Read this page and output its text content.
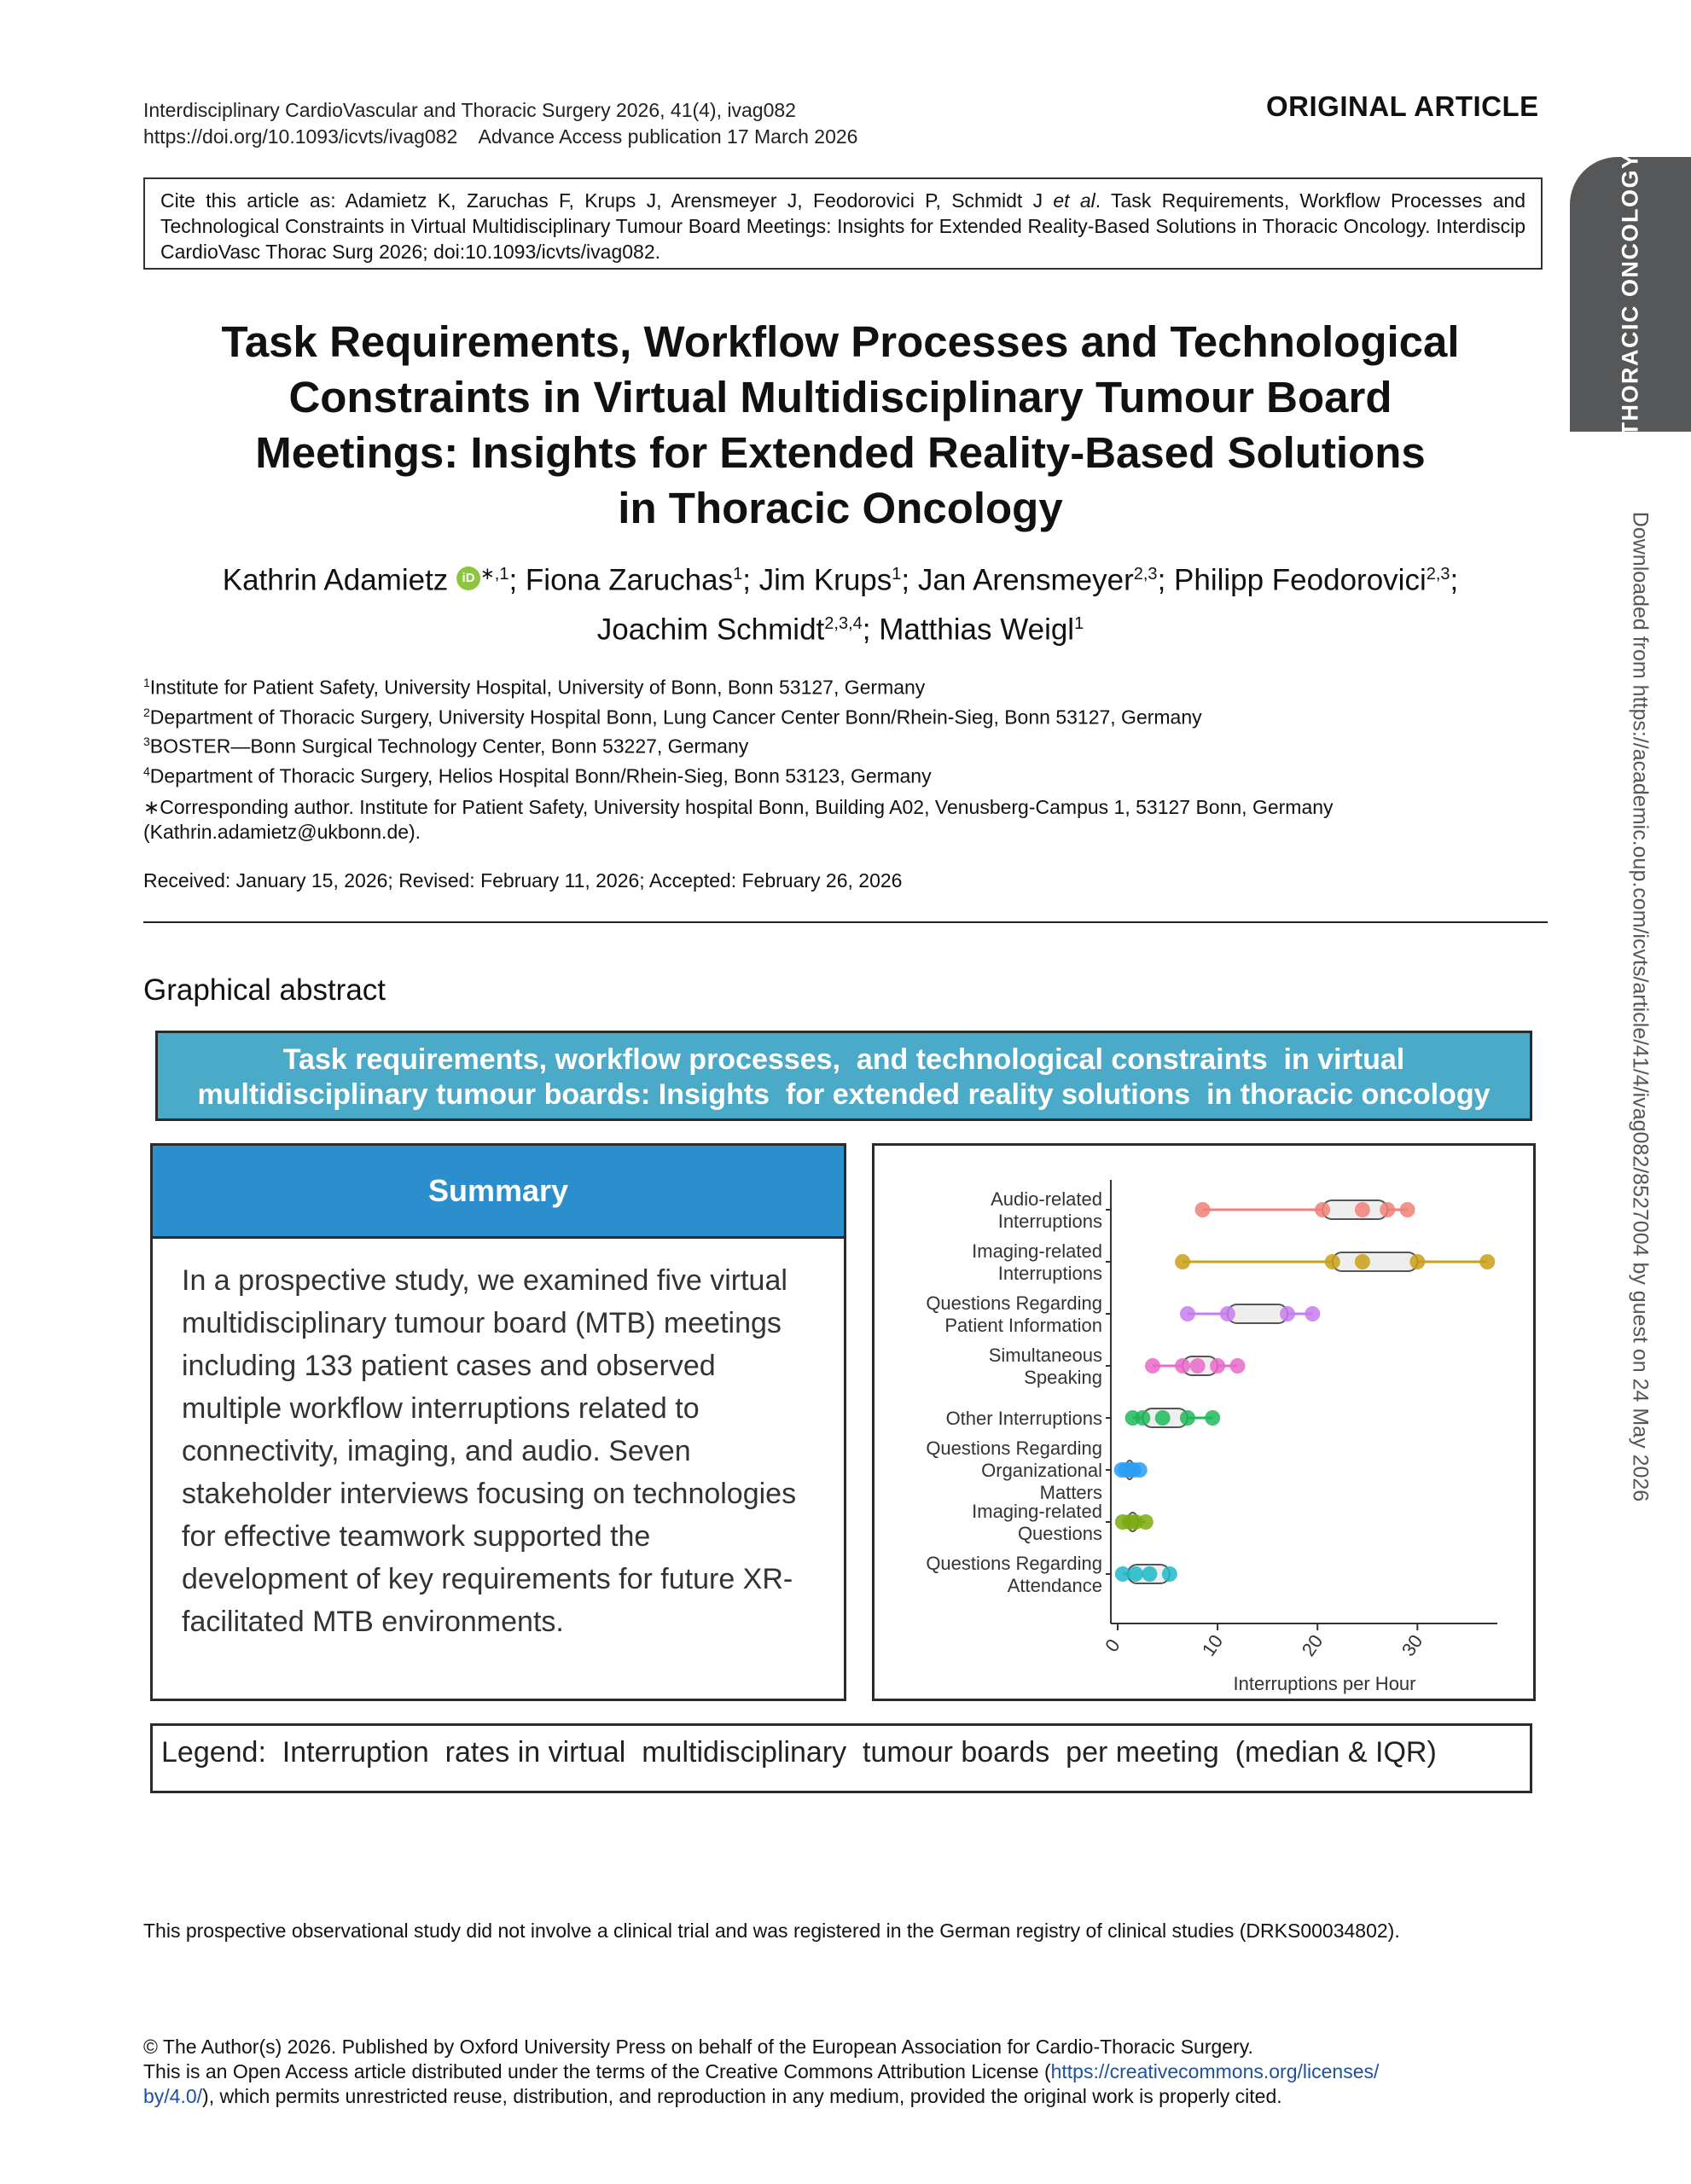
Interdisciplinary CardioVascular and Thoracic Surgery 2026, 41(4), ivag082
https://doi.org/10.1093/icvts/ivag082    Advance Access publication 17 March 2026
ORIGINAL ARTICLE
THORACIC ONCOLOGY
Downloaded from https://academic.oup.com/icvts/article/41/4/ivag082/8527004 by guest on 24 May 2026
Cite this article as: Adamietz K, Zaruchas F, Krups J, Arensmeyer J, Feodorovici P, Schmidt J et al. Task Requirements, Workflow Processes and Technological Constraints in Virtual Multidisciplinary Tumour Board Meetings: Insights for Extended Reality-Based Solutions in Thoracic Oncology. Interdiscip CardioVasc Thorac Surg 2026; doi:10.1093/icvts/ivag082.
Task Requirements, Workflow Processes and Technological
Constraints in Virtual Multidisciplinary Tumour Board
Meetings: Insights for Extended Reality-Based Solutions
in Thoracic Oncology
Kathrin Adamietz iD $^{∗,1}$; Fiona Zaruchas$^1$; Jim Krups$^1$; Jan Arensmeyer$^{2,3}$; Philipp Feodorovici$^{2,3}$;
Joachim Schmidt$^{2,3,4}$; Matthias Weigl$^1$
$^1$Institute for Patient Safety, University Hospital, University of Bonn, Bonn 53127, Germany
$^2$Department of Thoracic Surgery, University Hospital Bonn, Lung Cancer Center Bonn/Rhein-Sieg, Bonn 53127, Germany
$^3$BOSTER—Bonn Surgical Technology Center, Bonn 53227, Germany
$^4$Department of Thoracic Surgery, Helios Hospital Bonn/Rhein-Sieg, Bonn 53123, Germany
∗Corresponding author. Institute for Patient Safety, University hospital Bonn, Building A02, Venusberg-Campus 1, 53127 Bonn, Germany
(Kathrin.adamietz@ukbonn.de).
Received: January 15, 2026; Revised: February 11, 2026; Accepted: February 26, 2026
Graphical abstract
Task requirements, workflow processes,  and technological constraints  in virtual
multidisciplinary tumour boards: Insights  for extended reality solutions  in thoracic oncology
Summary
In a prospective study, we examined five virtual multidisciplinary tumour board (MTB) meetings including 133 patient cases and observed multiple workflow interruptions related to connectivity, imaging, and audio. Seven stakeholder interviews focusing on technologies for effective teamwork supported the development of key requirements for future XR-facilitated MTB environments.
0	10	20	30
Interruptions per Hour
Audio-related
Interruptions
Imaging-related
Interruptions
Questions Regarding
Patient Information
Simultaneous
Speaking
Other Interruptions
Questions Regarding
Organizational
Matters
Imaging-related
Questions
Questions Regarding
Attendance
Legend:  Interruption  rates in virtual  multidisciplinary  tumour boards  per meeting  (median & IQR)
This prospective observational study did not involve a clinical trial and was registered in the German registry of clinical studies (DRKS00034802).
© The Author(s) 2026. Published by Oxford University Press on behalf of the European Association for Cardio-Thoracic Surgery.
This is an Open Access article distributed under the terms of the Creative Commons Attribution License (https://creativecommons.org/licenses/
by/4.0/), which permits unrestricted reuse, distribution, and reproduction in any medium, provided the original work is properly cited.
